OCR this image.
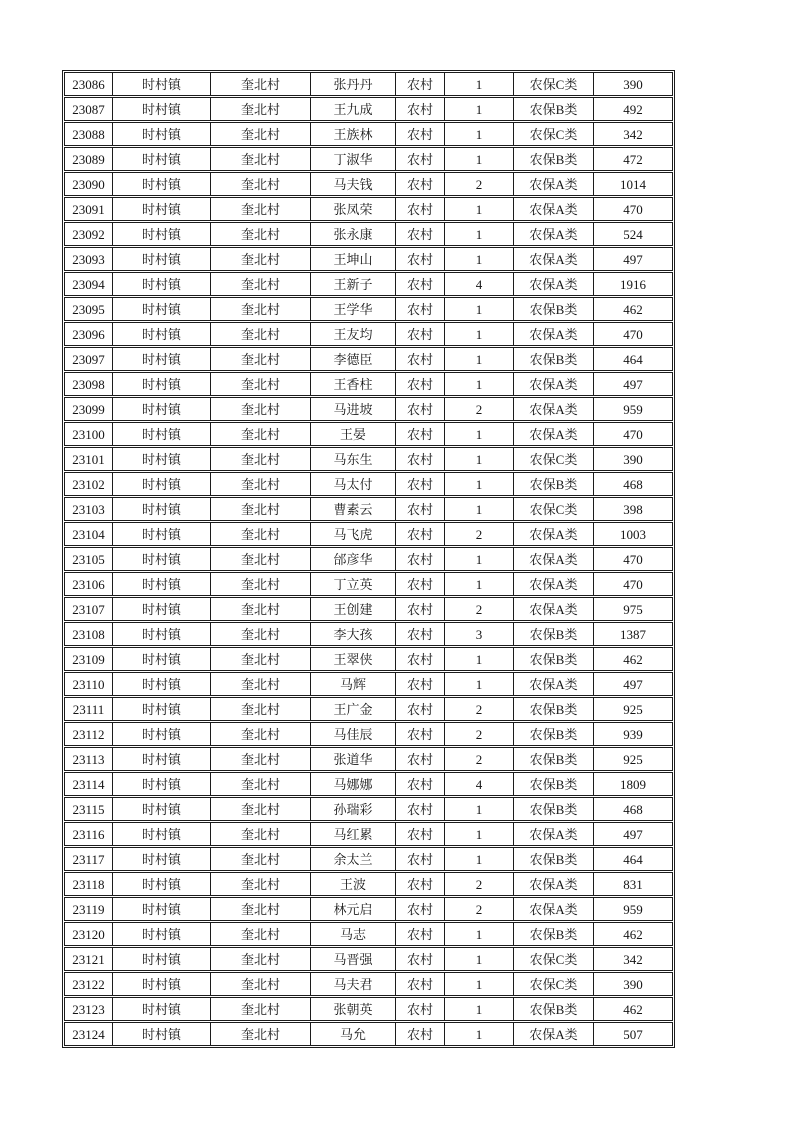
23086	时村镇	奎北村	张丹丹	农村	1	农保C类	390
23087	时村镇	奎北村	王九成	农村	1	农保B类	492
23088	时村镇	奎北村	王族林	农村	1	农保C类	342
23089	时村镇	奎北村	丁淑华	农村	1	农保B类	472
23090	时村镇	奎北村	马夫钱	农村	2	农保A类	1014
23091	时村镇	奎北村	张凤荣	农村	1	农保A类	470
23092	时村镇	奎北村	张永康	农村	1	农保A类	524
23093	时村镇	奎北村	王坤山	农村	1	农保A类	497
23094	时村镇	奎北村	王新子	农村	4	农保A类	1916
23095	时村镇	奎北村	王学华	农村	1	农保B类	462
23096	时村镇	奎北村	王友均	农村	1	农保A类	470
23097	时村镇	奎北村	李德臣	农村	1	农保B类	464
23098	时村镇	奎北村	王香柱	农村	1	农保A类	497
23099	时村镇	奎北村	马进坡	农村	2	农保A类	959
23100	时村镇	奎北村	王晏	农村	1	农保A类	470
23101	时村镇	奎北村	马东生	农村	1	农保C类	390
23102	时村镇	奎北村	马太付	农村	1	农保B类	468
23103	时村镇	奎北村	曹素云	农村	1	农保C类	398
23104	时村镇	奎北村	马飞虎	农村	2	农保A类	1003
23105	时村镇	奎北村	邰彦华	农村	1	农保A类	470
23106	时村镇	奎北村	丁立英	农村	1	农保A类	470
23107	时村镇	奎北村	王创建	农村	2	农保A类	975
23108	时村镇	奎北村	李大孩	农村	3	农保B类	1387
23109	时村镇	奎北村	王翠侠	农村	1	农保B类	462
23110	时村镇	奎北村	马辉	农村	1	农保A类	497
23111	时村镇	奎北村	王广金	农村	2	农保B类	925
23112	时村镇	奎北村	马佳辰	农村	2	农保B类	939
23113	时村镇	奎北村	张道华	农村	2	农保B类	925
23114	时村镇	奎北村	马娜娜	农村	4	农保B类	1809
23115	时村镇	奎北村	孙瑞彩	农村	1	农保B类	468
23116	时村镇	奎北村	马红累	农村	1	农保A类	497
23117	时村镇	奎北村	余太兰	农村	1	农保B类	464
23118	时村镇	奎北村	王波	农村	2	农保A类	831
23119	时村镇	奎北村	林元启	农村	2	农保A类	959
23120	时村镇	奎北村	马志	农村	1	农保B类	462
23121	时村镇	奎北村	马晋强	农村	1	农保C类	342
23122	时村镇	奎北村	马夫君	农村	1	农保C类	390
23123	时村镇	奎北村	张朝英	农村	1	农保B类	462
23124	时村镇	奎北村	马允	农村	1	农保A类	507
